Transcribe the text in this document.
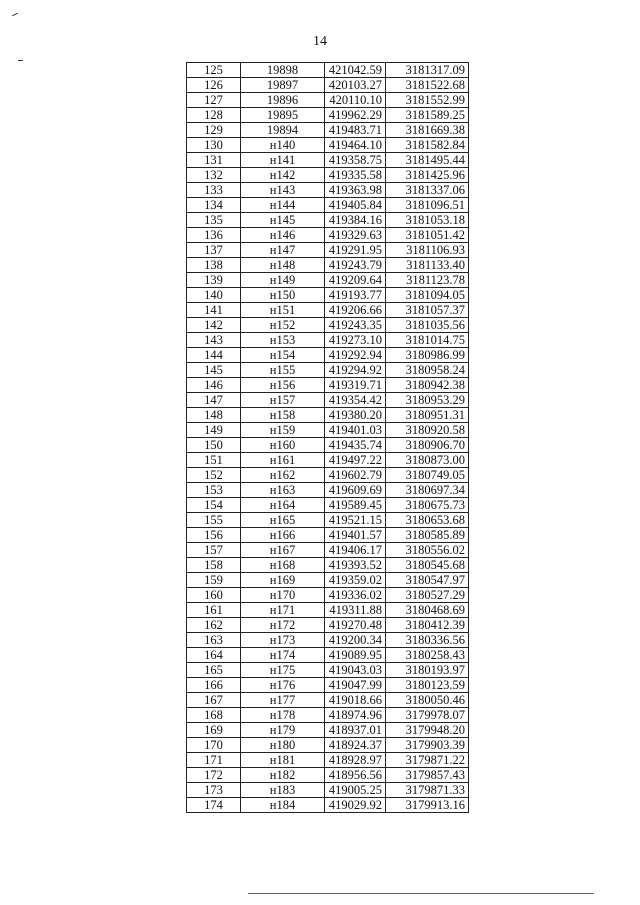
14
125	19898	421042.59	3181317.09
126	19897	420103.27	3181522.68
127	19896	420110.10	3181552.99
128	19895	419962.29	3181589.25
129	19894	419483.71	3181669.38
130	н140	419464.10	3181582.84
131	н141	419358.75	3181495.44
132	н142	419335.58	3181425.96
133	н143	419363.98	3181337.06
134	н144	419405.84	3181096.51
135	н145	419384.16	3181053.18
136	н146	419329.63	3181051.42
137	н147	419291.95	3181106.93
138	н148	419243.79	3181133.40
139	н149	419209.64	3181123.78
140	н150	419193.77	3181094.05
141	н151	419206.66	3181057.37
142	н152	419243.35	3181035.56
143	н153	419273.10	3181014.75
144	н154	419292.94	3180986.99
145	н155	419294.92	3180958.24
146	н156	419319.71	3180942.38
147	н157	419354.42	3180953.29
148	н158	419380.20	3180951.31
149	н159	419401.03	3180920.58
150	н160	419435.74	3180906.70
151	н161	419497.22	3180873.00
152	н162	419602.79	3180749.05
153	н163	419609.69	3180697.34
154	н164	419589.45	3180675.73
155	н165	419521.15	3180653.68
156	н166	419401.57	3180585.89
157	н167	419406.17	3180556.02
158	н168	419393.52	3180545.68
159	н169	419359.02	3180547.97
160	н170	419336.02	3180527.29
161	н171	419311.88	3180468.69
162	н172	419270.48	3180412.39
163	н173	419200.34	3180336.56
164	н174	419089.95	3180258.43
165	н175	419043.03	3180193.97
166	н176	419047.99	3180123.59
167	н177	419018.66	3180050.46
168	н178	418974.96	3179978.07
169	н179	418937.01	3179948.20
170	н180	418924.37	3179903.39
171	н181	418928.97	3179871.22
172	н182	418956.56	3179857.43
173	н183	419005.25	3179871.33
174	н184	419029.92	3179913.16
